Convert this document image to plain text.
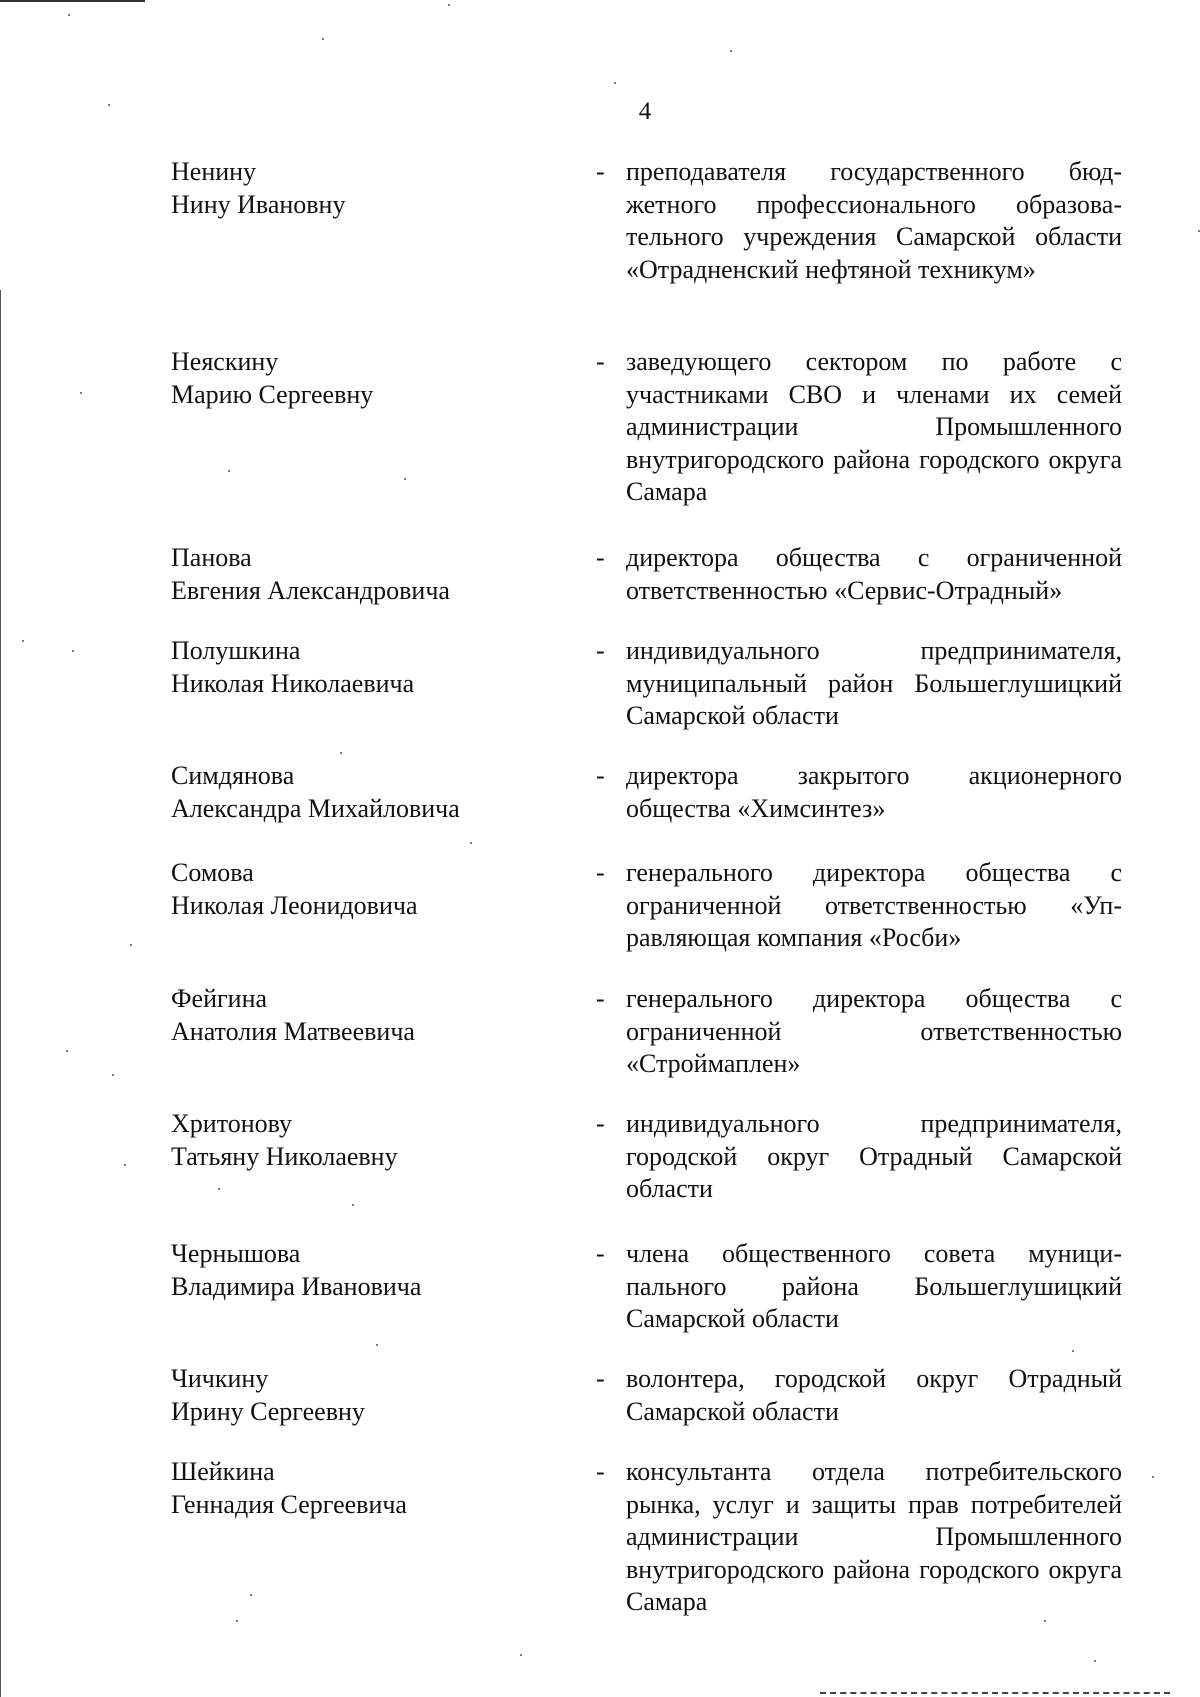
4
Ненину
Нину Ивановну
- преподавателя государственного бюджетного профессионального образовательного учреждения Самарской области «Отрадненский нефтяной техникум»
Неяскину
Марию Сергеевну
- заведующего сектором по работе с участниками СВО и членами их семей администрации Промышленного внутригородского района городского округа Самара
Панова
Евгения Александровича
- директора общества с ограниченной ответственностью «Сервис-Отрадный»
Полушкина
Николая Николаевича
- индивидуального предпринимателя, муниципальный район Большеглушицкий Самарской области
Симдянова
Александра Михайловича
- директора закрытого акционерного общества «Химсинтез»
Сомова
Николая Леонидовича
- генерального директора общества с ограниченной ответственностью «Управляющая компания «Росби»
Фейгина
Анатолия Матвеевича
- генерального директора общества с ограниченной ответственностью «Строймаплен»
Хритонову
Татьяну Николаевну
- индивидуального предпринимателя, городской округ Отрадный Самарской области
Чернышова
Владимира Ивановича
- члена общественного совета муниципального района Большеглушицкий Самарской области
Чичкину
Ирину Сергеевну
- волонтера, городской округ Отрадный Самарской области
Шейкина
Геннадия Сергеевича
- консультанта отдела потребительского рынка, услуг и защиты прав потребителей администрации Промышленного внутригородского района городского округа Самара
